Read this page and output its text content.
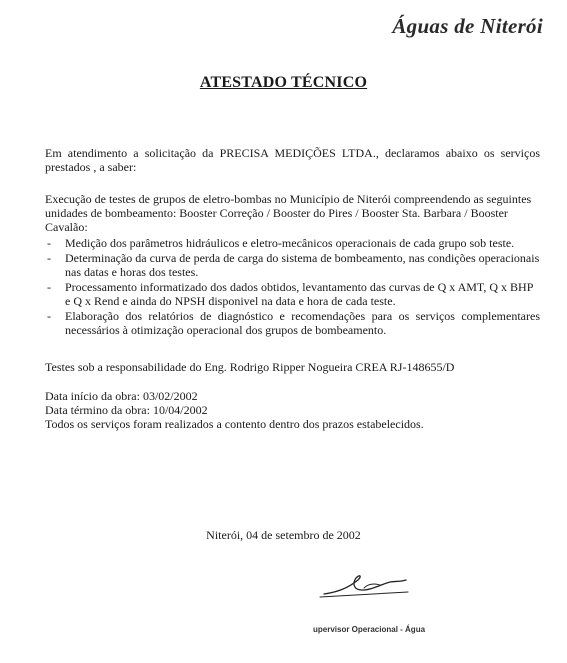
Águas de Niterói
ATESTADO TÉCNICO
Em atendimento a solicitação da PRECISA MEDIÇÕES LTDA., declaramos abaixo os serviços prestados , a saber:
Execução de testes de grupos de eletro-bombas no Município de Niterói compreendendo as seguintes unidades de bombeamento: Booster Correção / Booster do Pires / Booster Sta. Barbara / Booster Cavalão:
- Medição dos parâmetros hidráulicos e eletro-mecânicos operacionais de cada grupo sob teste.
- Determinação da curva de perda de carga do sistema de bombeamento, nas condições operacionais nas datas e horas dos testes.
- Processamento informatizado dos dados obtidos, levantamento das curvas de Q x AMT, Q x BHP e Q x Rend e ainda do NPSH disponivel na data e hora de cada teste.
- Elaboração dos relatórios de diagnóstico e recomendações para os serviços complementares necessários à otimização operacional dos grupos de bombeamento.
Testes sob a responsabilidade do Eng. Rodrigo Ripper Nogueira CREA RJ-148655/D
Data início da obra: 03/02/2002
Data término da obra: 10/04/2002
Todos os serviços foram realizados a contento dentro dos prazos estabelecidos.
Niterói, 04 de setembro de 2002
upervisor Operacional - Água
